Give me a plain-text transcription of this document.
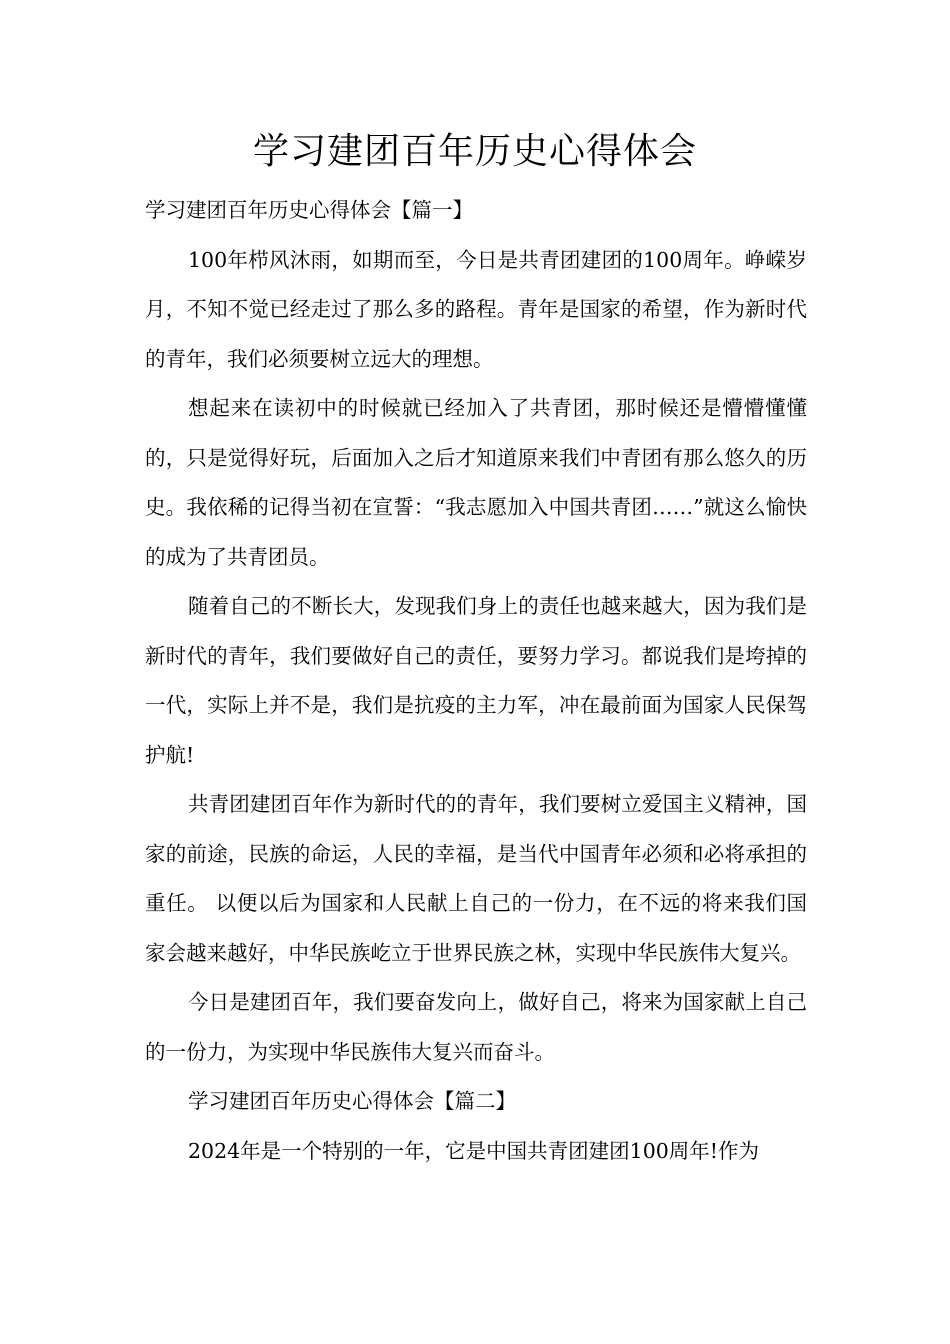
学习建团百年历史心得体会

学习建团百年历史心得体会【篇一】

100年栉风沐雨，如期而至，今日是共青团建团的100周年。峥嵘岁月，不知不觉已经走过了那么多的路程。青年是国家的希望，作为新时代的青年，我们必须要树立远大的理想。

想起来在读初中的时候就已经加入了共青团，那时候还是懵懵懂懂的，只是觉得好玩，后面加入之后才知道原来我们中青团有那么悠久的历史。我依稀的记得当初在宣誓：“我志愿加入中国共青团……”就这么愉快的成为了共青团员。

随着自己的不断长大，发现我们身上的责任也越来越大，因为我们是新时代的青年，我们要做好自己的责任，要努力学习。都说我们是垮掉的一代，实际上并不是，我们是抗疫的主力军，冲在最前面为国家人民保驾护航!

共青团建团百年作为新时代的的青年，我们要树立爱国主义精神，国家的前途，民族的命运，人民的幸福，是当代中国青年必须和必将承担的重任。 以便以后为国家和人民献上自己的一份力，在不远的将来我们国家会越来越好，中华民族屹立于世界民族之林，实现中华民族伟大复兴。

今日是建团百年，我们要奋发向上，做好自己，将来为国家献上自己的一份力，为实现中华民族伟大复兴而奋斗。

学习建团百年历史心得体会【篇二】

2024年是一个特别的一年，它是中国共青团建团100周年!作为
